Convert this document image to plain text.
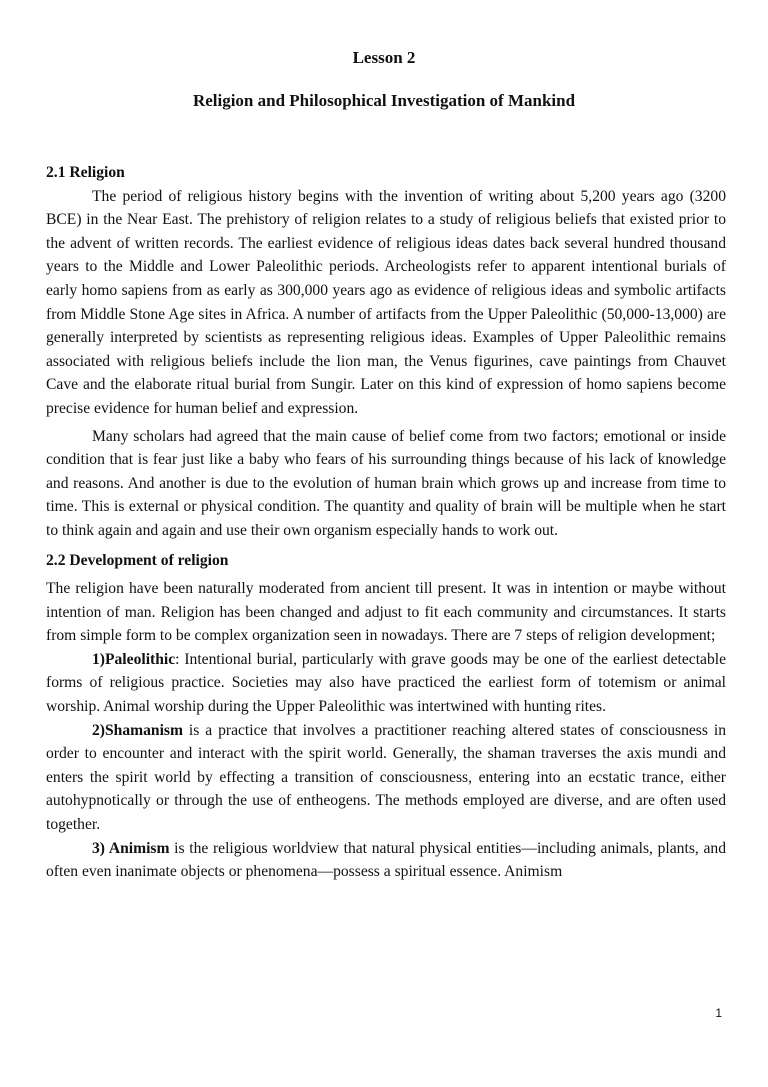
Lesson 2
Religion and Philosophical Investigation of Mankind
2.1 Religion

The period of religious history begins with the invention of writing about 5,200 years ago (3200 BCE) in the Near East. The prehistory of religion relates to a study of religious beliefs that existed prior to the advent of written records. The earliest evidence of religious ideas dates back several hundred thousand years to the Middle and Lower Paleolithic periods. Archeologists refer to apparent intentional burials of early homo sapiens from as early as 300,000 years ago as evidence of religious ideas and symbolic artifacts from Middle Stone Age sites in Africa. A number of artifacts from the Upper Paleolithic (50,000-13,000) are generally interpreted by scientists as representing religious ideas. Examples of Upper Paleolithic remains associated with religious beliefs include the lion man, the Venus figurines, cave paintings from Chauvet Cave and the elaborate ritual burial from Sungir. Later on this kind of expression of homo sapiens become precise evidence for human belief and expression.

Many scholars had agreed that the main cause of belief come from two factors; emotional or inside condition that is fear just like a baby who fears of his surrounding things because of his lack of knowledge and reasons. And another is due to the evolution of human brain which grows up and increase from time to time. This is external or physical condition. The quantity and quality of brain will be multiple when he start to think again and again and use their own organism especially hands to work out.

2.2 Development of religion

The religion have been naturally moderated from ancient till present. It was in intention or maybe without intention of man. Religion has been changed and adjust to fit each community and circumstances. It starts from simple form to be complex organization seen in nowadays. There are 7 steps of religion development;

1)Paleolithic: Intentional burial, particularly with grave goods may be one of the earliest detectable forms of religious practice. Societies may also have practiced the earliest form of totemism or animal worship. Animal worship during the Upper Paleolithic was intertwined with hunting rites.

2)Shamanism is a practice that involves a practitioner reaching altered states of consciousness in order to encounter and interact with the spirit world. Generally, the shaman traverses the axis mundi and enters the spirit world by effecting a transition of consciousness, entering into an ecstatic trance, either autohypnotically or through the use of entheogens. The methods employed are diverse, and are often used together.

3) Animism is the religious worldview that natural physical entities—including animals, plants, and often even inanimate objects or phenomena—possess a spiritual essence. Animism

1
